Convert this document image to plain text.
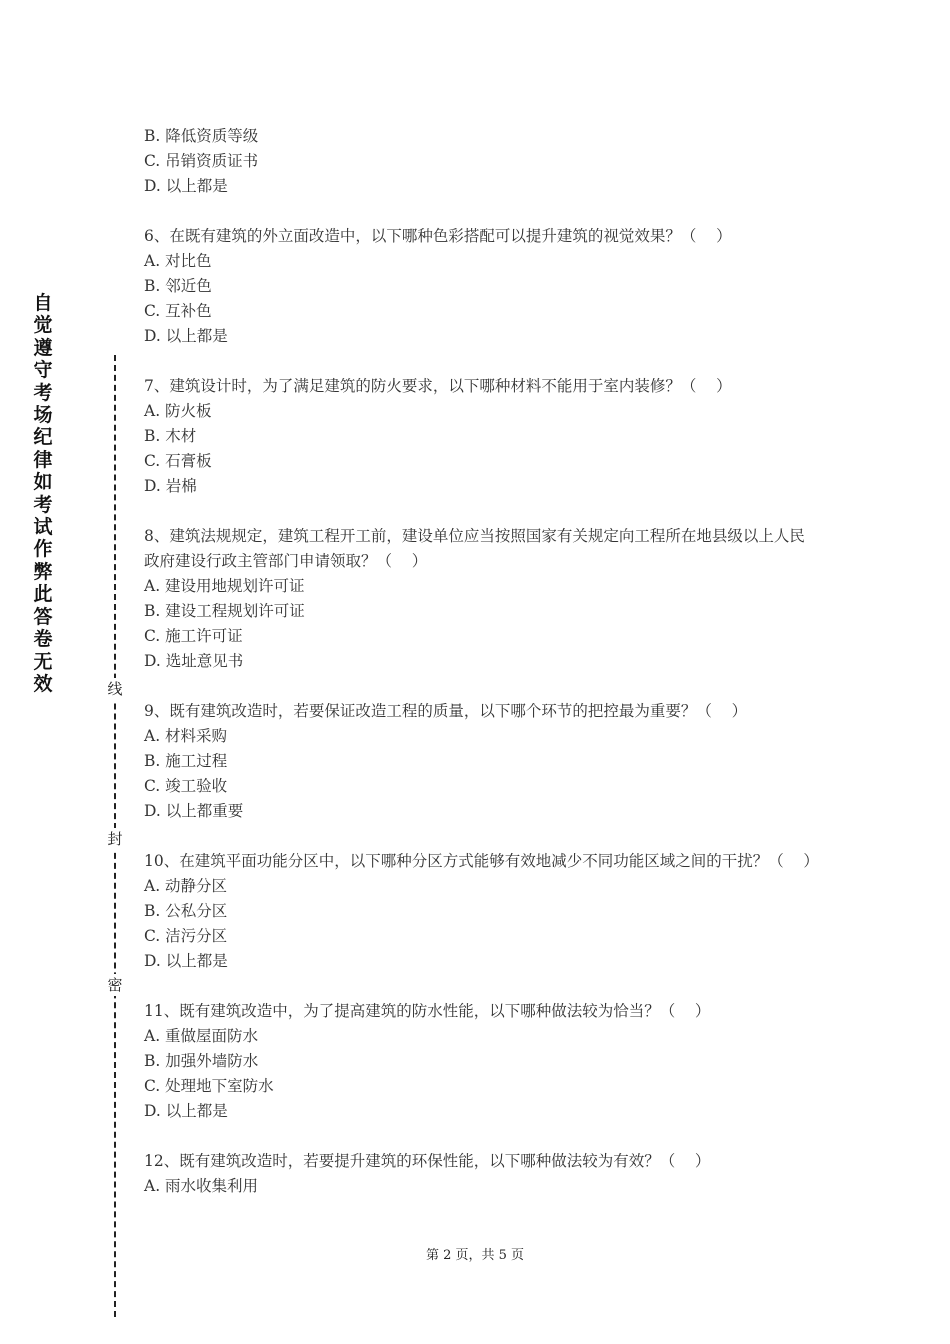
自觉遵守考场纪律如考试作弊此答卷无效	线
封
密
B. 降低资质等级
C. 吊销资质证书
D. 以上都是
6、在既有建筑的外立面改造中，以下哪种色彩搭配可以提升建筑的视觉效果？（    ）
A. 对比色
B. 邻近色
C. 互补色
D. 以上都是
7、建筑设计时，为了满足建筑的防火要求，以下哪种材料不能用于室内装修？（    ）
A. 防火板
B. 木材
C. 石膏板
D. 岩棉
8、建筑法规规定，建筑工程开工前，建设单位应当按照国家有关规定向工程所在地县级以上人民政府建设行政主管部门申请领取？（    ）
A. 建设用地规划许可证
B. 建设工程规划许可证
C. 施工许可证
D. 选址意见书
9、既有建筑改造时，若要保证改造工程的质量，以下哪个环节的把控最为重要？（    ）
A. 材料采购
B. 施工过程
C. 竣工验收
D. 以上都重要
10、在建筑平面功能分区中，以下哪种分区方式能够有效地减少不同功能区域之间的干扰？（    ）
A. 动静分区
B. 公私分区
C. 洁污分区
D. 以上都是
11、既有建筑改造中，为了提高建筑的防水性能，以下哪种做法较为恰当？（    ）
A. 重做屋面防水
B. 加强外墙防水
C. 处理地下室防水
D. 以上都是
12、既有建筑改造时，若要提升建筑的环保性能，以下哪种做法较为有效？（    ）
A. 雨水收集利用
第 2 页，共 5 页
